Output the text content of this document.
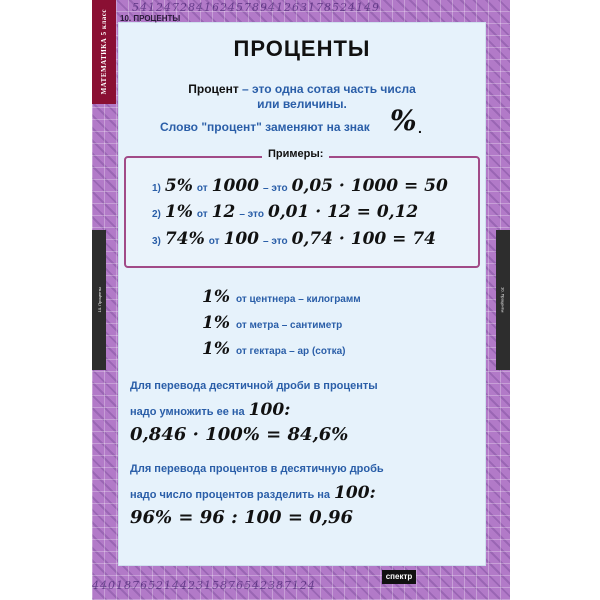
5412472841624578941263178524149
4401876521442315876542387124
МАТЕМАТИКА 5 класс
10. Проценты	10. Проценты
10. ПРОЦЕНТЫ
ПРОЦЕНТЫ
Процент – это одна сотая часть числа
или величины.
Слово "процент" заменяют на знак % .
Примеры:
1) 5% от 1000 – это 0,05 · 1000 = 50
2) 1% от 12 – это 0,01 · 12 = 0,12
3) 74% от 100 – это 0,74 · 100 = 74
1% от центнера – килограмм
1% от метра – сантиметр
1% от гектара – ар (сотка)
Для перевода десятичной дроби в проценты
надо умножить ее на 100:
0,846 · 100% = 84,6%
Для перевода процентов в десятичную дробь
надо число процентов разделить на 100:
96% = 96 : 100 = 0,96
спектр
